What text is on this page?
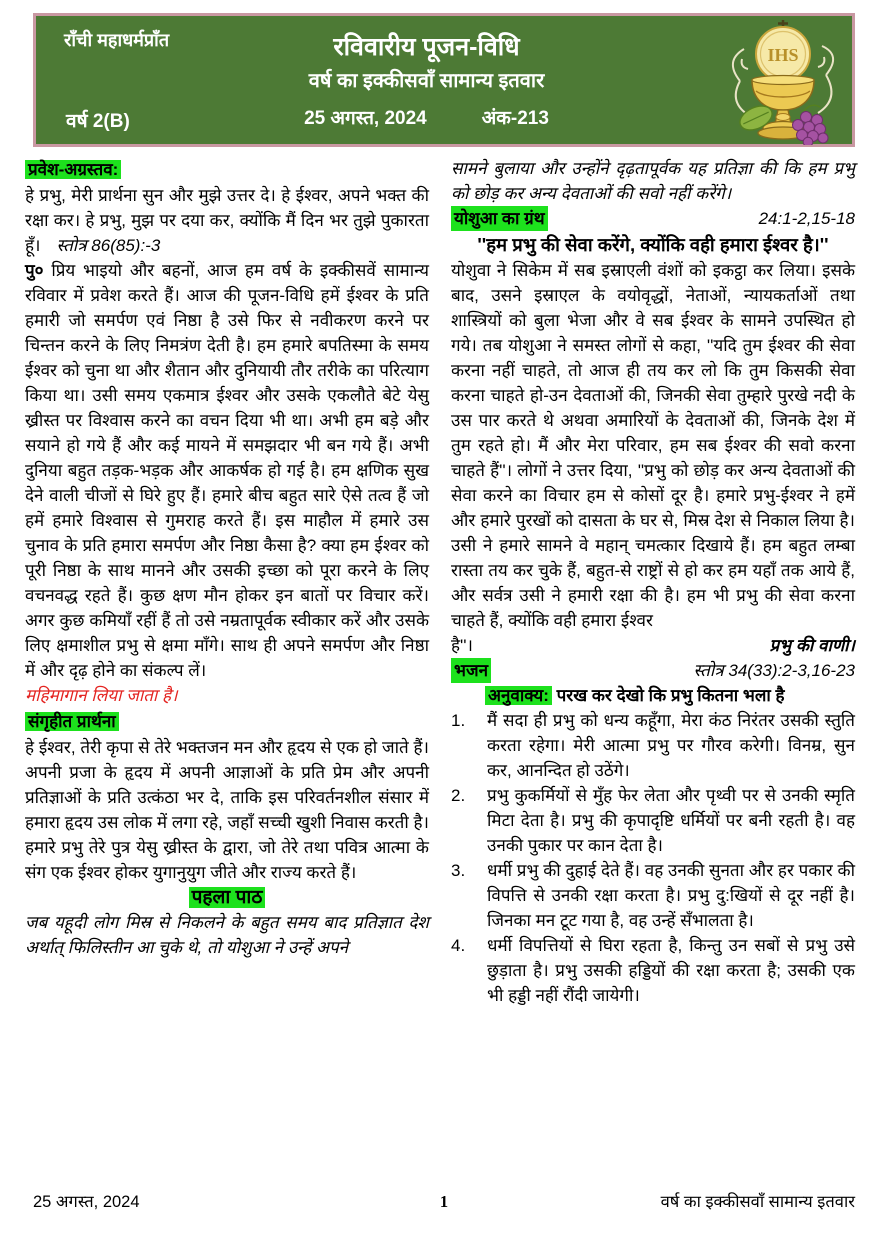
राँची महाधर्मप्राँत
वर्ष 2(B)
रविवारीय पूजन-विधि
वर्ष का इक्कीसवाँ सामान्य इतवार
25 अगस्त, 2024	अंक-213
IHS

प्रवेश-अग्रस्तव:

हे प्रभु, मेरी प्रार्थना सुन और मुझे उत्तर दे। हे ईश्वर, अपने भक्त की रक्षा कर। हे प्रभु, मुझ पर दया कर, क्योंकि मैं दिन भर तुझे पुकारता हूँ। स्तोत्र 86(85):-3

पु० प्रिय भाइयो और बहनों, आज हम वर्ष के इक्कीसवें सामान्य रविवार में प्रवेश करते हैं। आज की पूजन-विधि हमें ईश्वर के प्रति हमारी जो समर्पण एवं निष्ठा है उसे फिर से नवीकरण करने पर चिन्तन करने के लिए निमत्रंण देती है। हम हमारे बपतिस्मा के समय ईश्वर को चुना था और शैतान और दुनियायी तौर तरीके का परित्याग किया था। उसी समय एकमात्र ईश्वर और उसके एकलौते बेटे येसु ख्रीस्त पर विश्वास करने का वचन दिया भी था। अभी हम बड़े और सयाने हो गये हैं और कई मायने में समझदार भी बन गये हैं। अभी दुनिया बहुत तड़क-भड़क और आकर्षक हो गई है। हम क्षणिक सुख देने वाली चीजों से घिरे हुए हैं। हमारे बीच बहुत सारे ऐसे तत्व हैं जो हमें हमारे विश्वास से गुमराह करते हैं। इस माहौल में हमारे उस चुनाव के प्रति हमारा समर्पण और निष्ठा कैसा है? क्या हम ईश्वर को पूरी निष्ठा के साथ मानने और उसकी इच्छा को पूरा करने के लिए वचनवद्ध रहते हैं। कुछ क्षण मौन होकर इन बातों पर विचार करें। अगर कुछ कमियाँ रहीं हैं तो उसे नम्रतापूर्वक स्वीकार करें और उसके लिए क्षमाशील प्रभु से क्षमा माँगे। साथ ही अपने समर्पण और निष्ठा में और दृढ़ होने का संकल्प लें।

महिमागान लिया जाता है।

संगृहीत प्रार्थना

हे ईश्वर, तेरी कृपा से तेरे भक्तजन मन और हृदय से एक हो जाते हैं। अपनी प्रजा के हृदय में अपनी आज्ञाओं के प्रति प्रेम और अपनी प्रतिज्ञाओं के प्रति उत्कंठा भर दे, ताकि इस परिवर्तनशील संसार में हमारा हृदय उस लोक में लगा रहे, जहाँ सच्ची खुशी निवास करती है। हमारे प्रभु तेरे पुत्र येसु ख्रीस्त के द्वारा, जो तेरे तथा पवित्र आत्मा के संग एक ईश्वर होकर युगानुयुग जीते और राज्य करते हैं।

पहला पाठ

जब यहूदी लोग मिस्र से निकलने के बहुत समय बाद प्रतिज्ञात देश अर्थात् फिलिस्तीन आ चुके थे, तो योशुआ ने उन्हें अपने

सामने बुलाया और उन्होंने दृढ़तापूर्वक यह प्रतिज्ञा की कि हम प्रभु को छोड़ कर अन्य देवताओं की सवो नहीं करेंगे।

योशुआ का ग्रंथ	24:1-2,15-18

''हम प्रभु की सेवा करेंगे, क्योंकि वही हमारा ईश्वर है।''

योशुवा ने सिकेम में सब इस्राएली वंशों को इकट्ठा कर लिया। इसके बाद, उसने इस्राएल के वयोवृद्धों, नेताओं, न्यायकर्ताओं तथा शास्त्रियों को बुला भेजा और वे सब ईश्वर के सामने उपस्थित हो गये। तब योशुआ ने समस्त लोगों से कहा, ''यदि तुम ईश्वर की सेवा करना नहीं चाहते, तो आज ही तय कर लो कि तुम किसकी सेवा करना चाहते हो-उन देवताओं की, जिनकी सेवा तुम्हारे पुरखे नदी के उस पार करते थे अथवा अमारियों के देवताओं की, जिनके देश में तुम रहते हो। मैं और मेरा परिवार, हम सब ईश्वर की सवो करना चाहते हैं''। लोगों ने उत्तर दिया, ''प्रभु को छोड़ कर अन्य देवताओं की सेवा करने का विचार हम से कोसों दूर है। हमारे प्रभु-ईश्वर ने हमें और हमारे पुरखों को दासता के घर से, मिस्र देश से निकाल लिया है। उसी ने हमारे सामने वे महान् चमत्कार दिखाये हैं। हम बहुत लम्बा रास्ता तय कर चुके हैं, बहुत-से राष्ट्रों से हो कर हम यहाँ तक आये हैं, और सर्वत्र उसी ने हमारी रक्षा की है। हम भी प्रभु की सेवा करना चाहते हैं, क्योंकि वही हमारा ईश्वर

है''।	प्रभु की वाणी।
भजन	स्तोत्र 34(33):2-3,16-23

अनुवाक्य: परख कर देखो कि प्रभु कितना भला है

1.	मैं सदा ही प्रभु को धन्य कहूँगा, मेरा कंठ निरंतर उसकी स्तुति करता रहेगा। मेरी आत्मा प्रभु पर गौरव करेगी। विनम्र, सुन कर, आनन्दित हो उठेंगे।
2.	प्रभु कुकर्मियों से मुँह फेर लेता और पृथ्वी पर से उनकी स्मृति मिटा देता है। प्रभु की कृपादृष्टि धर्मियों पर बनी रहती है। वह उनकी पुकार पर कान देता है।
3.	धर्मी प्रभु की दुहाई देते हैं। वह उनकी सुनता और हर पकार की विपत्ति से उनकी रक्षा करता है। प्रभु दु:खियों से दूर नहीं है। जिनका मन टूट गया है, वह उन्हें सँभालता है।
4.	धर्मी विपत्तियों से घिरा रहता है, किन्तु उन सबों से प्रभु उसे छुड़ाता है। प्रभु उसकी हड्डियों की रक्षा करता है; उसकी एक भी हड्डी नहीं रौंदी जायेगी।
25 अगस्त, 2024	1	वर्ष का इक्कीसवाँ सामान्य इतवार
